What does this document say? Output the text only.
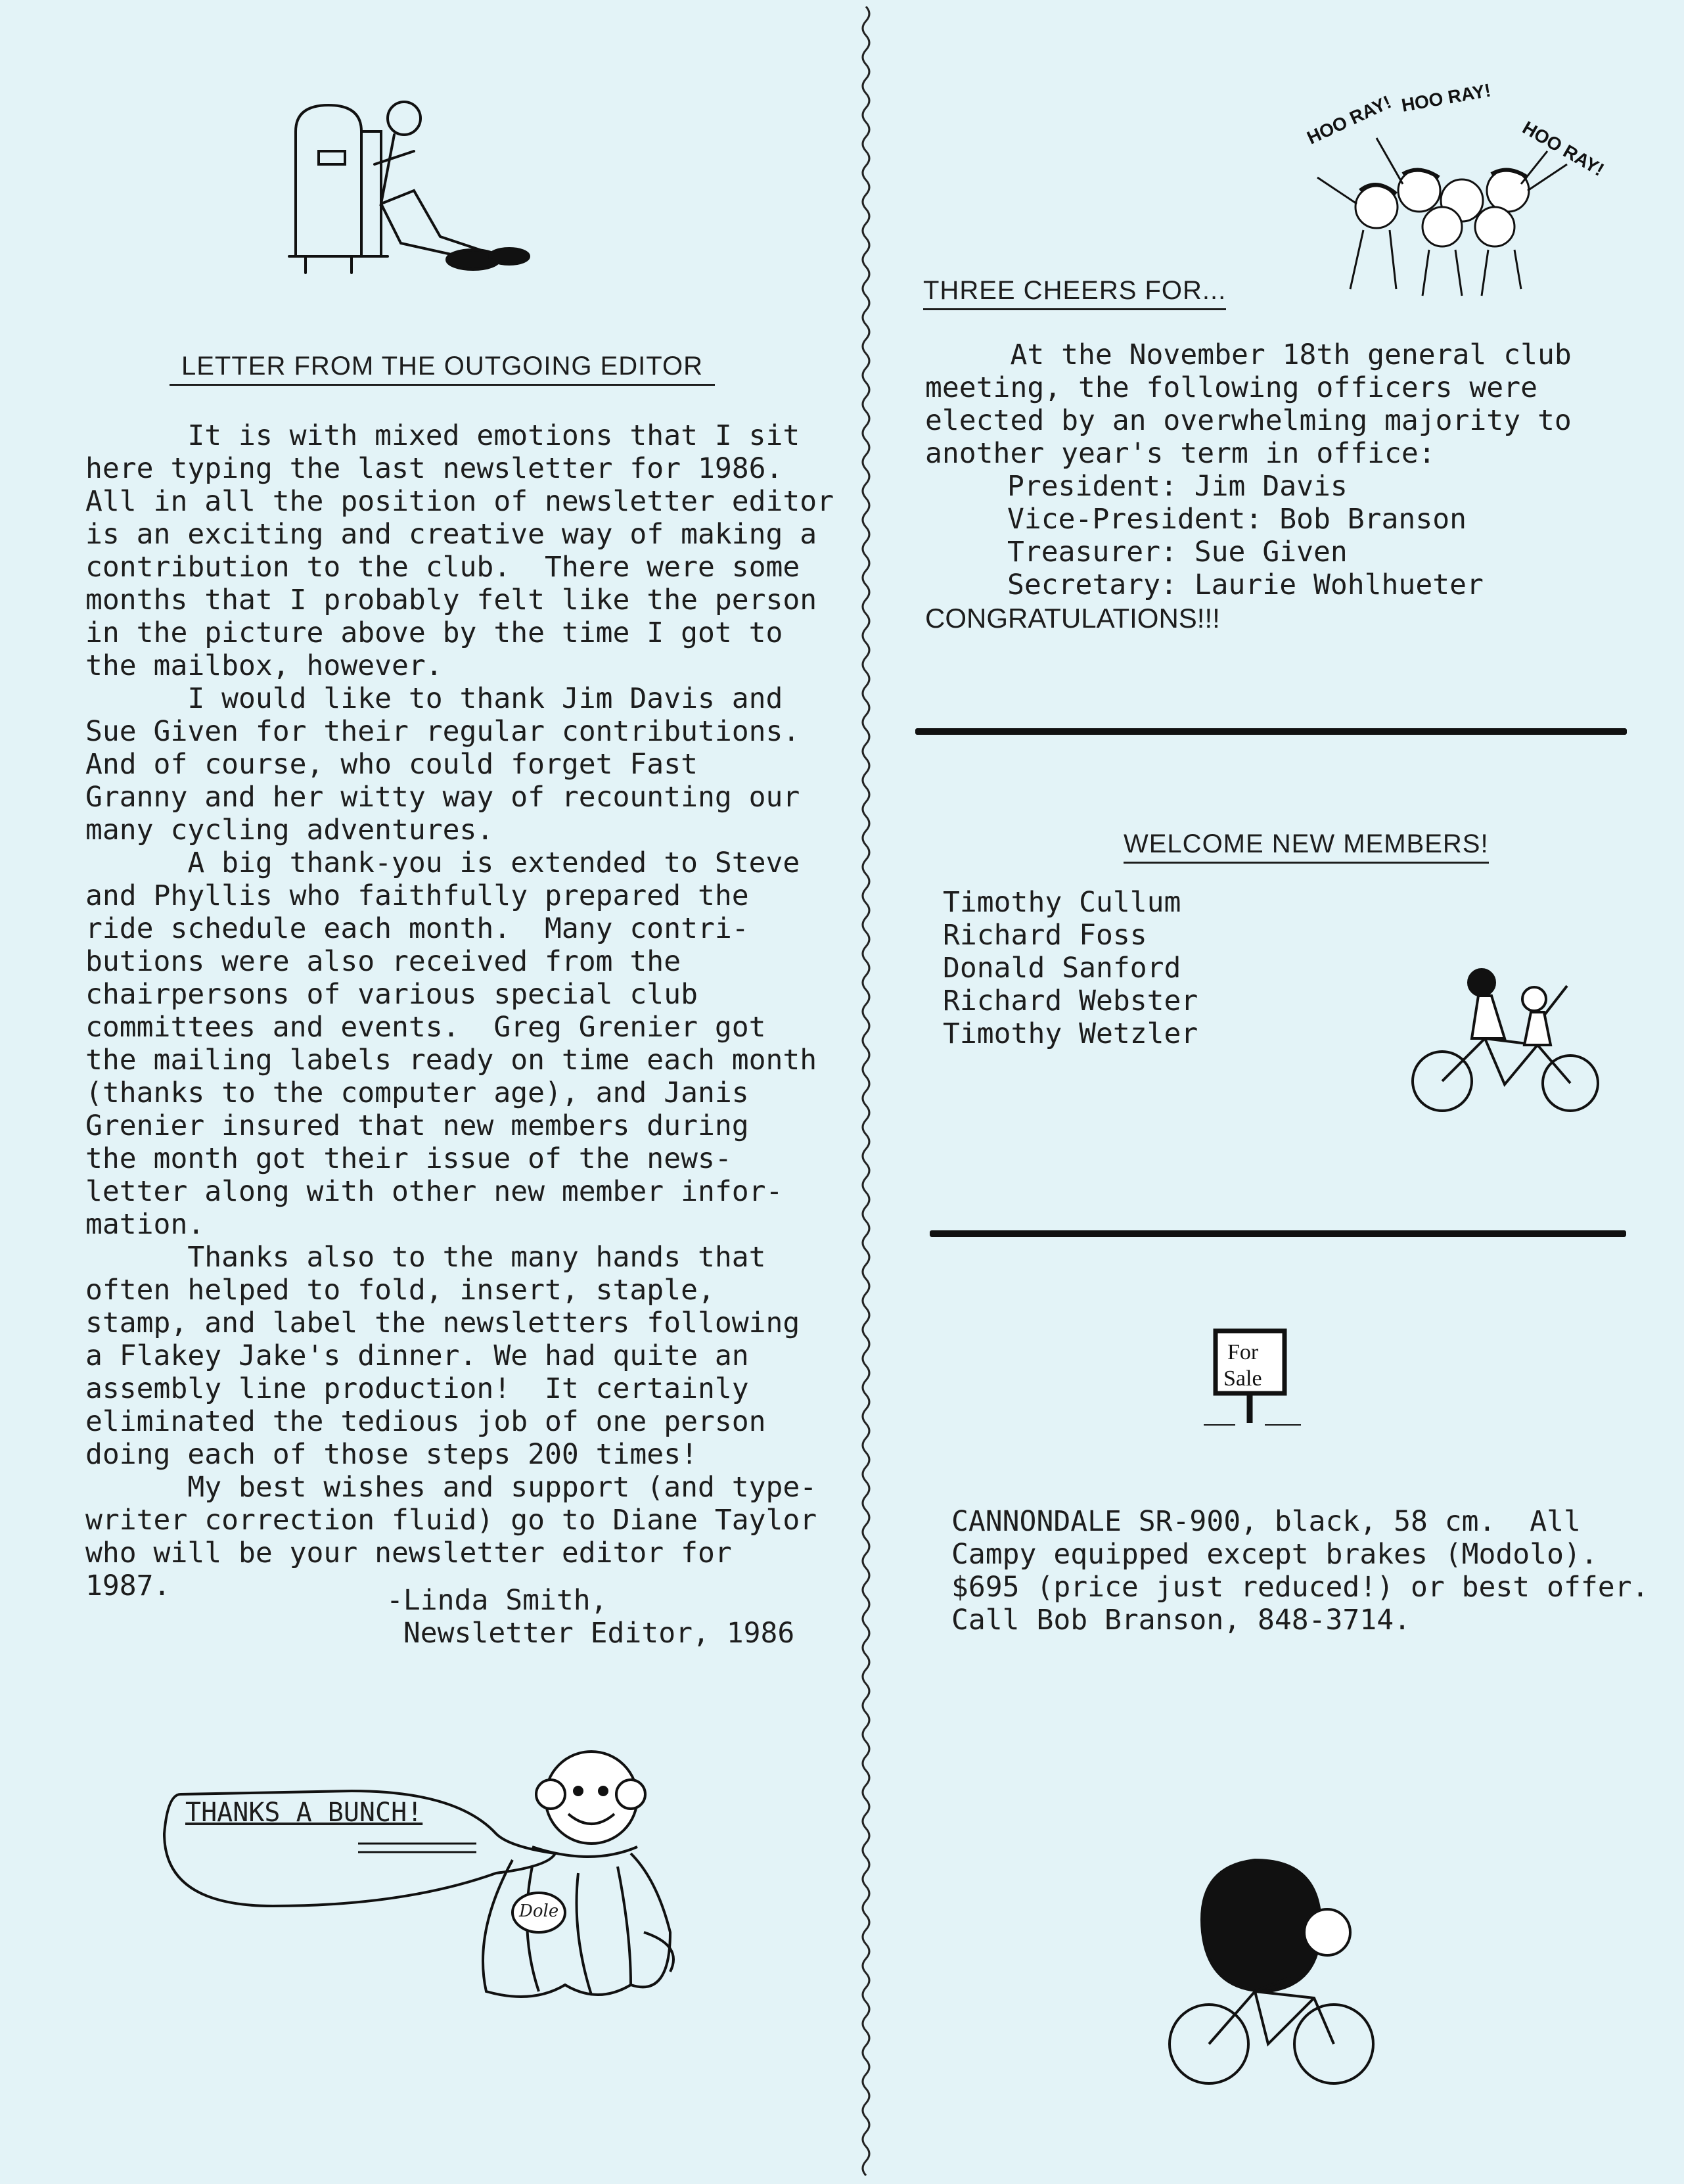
LETTER FROM THE OUTGOING EDITOR
It is with mixed emotions that I sit
here typing the last newsletter for 1986.
All in all the position of newsletter editor
is an exciting and creative way of making a
contribution to the club.  There were some
months that I probably felt like the person
in the picture above by the time I got to
the mailbox, however.
I would like to thank Jim Davis and
Sue Given for their regular contributions.
And of course, who could forget Fast
Granny and her witty way of recounting our
many cycling adventures.
A big thank-you is extended to Steve
and Phyllis who faithfully prepared the
ride schedule each month.  Many contri-
butions were also received from the
chairpersons of various special club
committees and events.  Greg Grenier got
the mailing labels ready on time each month
(thanks to the computer age), and Janis
Grenier insured that new members during
the month got their issue of the news-
letter along with other new member infor-
mation.
Thanks also to the many hands that
often helped to fold, insert, staple,
stamp, and label the newsletters following
a Flakey Jake's dinner. We had quite an
assembly line production!  It certainly
eliminated the tedious job of one person
doing each of those steps 200 times!
My best wishes and support (and type-
writer correction fluid) go to Diane Taylor
who will be your newsletter editor for
1987.	-Linda Smith,
Newsletter Editor, 1986
THANKS A BUNCH!
Dole
HOO RAY! HOO RAY!
HOO RAY!
THREE CHEERS FOR...
At the November 18th general club
meeting, the following officers were
elected by an overwhelming majority to
another year's term in office:
President: Jim Davis
Vice-President: Bob Branson
Treasurer: Sue Given
Secretary: Laurie Wohlhueter
CONGRATULATIONS!!!
WELCOME NEW MEMBERS!
Timothy Cullum
Richard Foss
Donald Sanford
Richard Webster
Timothy Wetzler
For
Sale
CANNONDALE SR-900, black, 58 cm.  All
Campy equipped except brakes (Modolo).
$695 (price just reduced!) or best offer.
Call Bob Branson, 848-3714.
